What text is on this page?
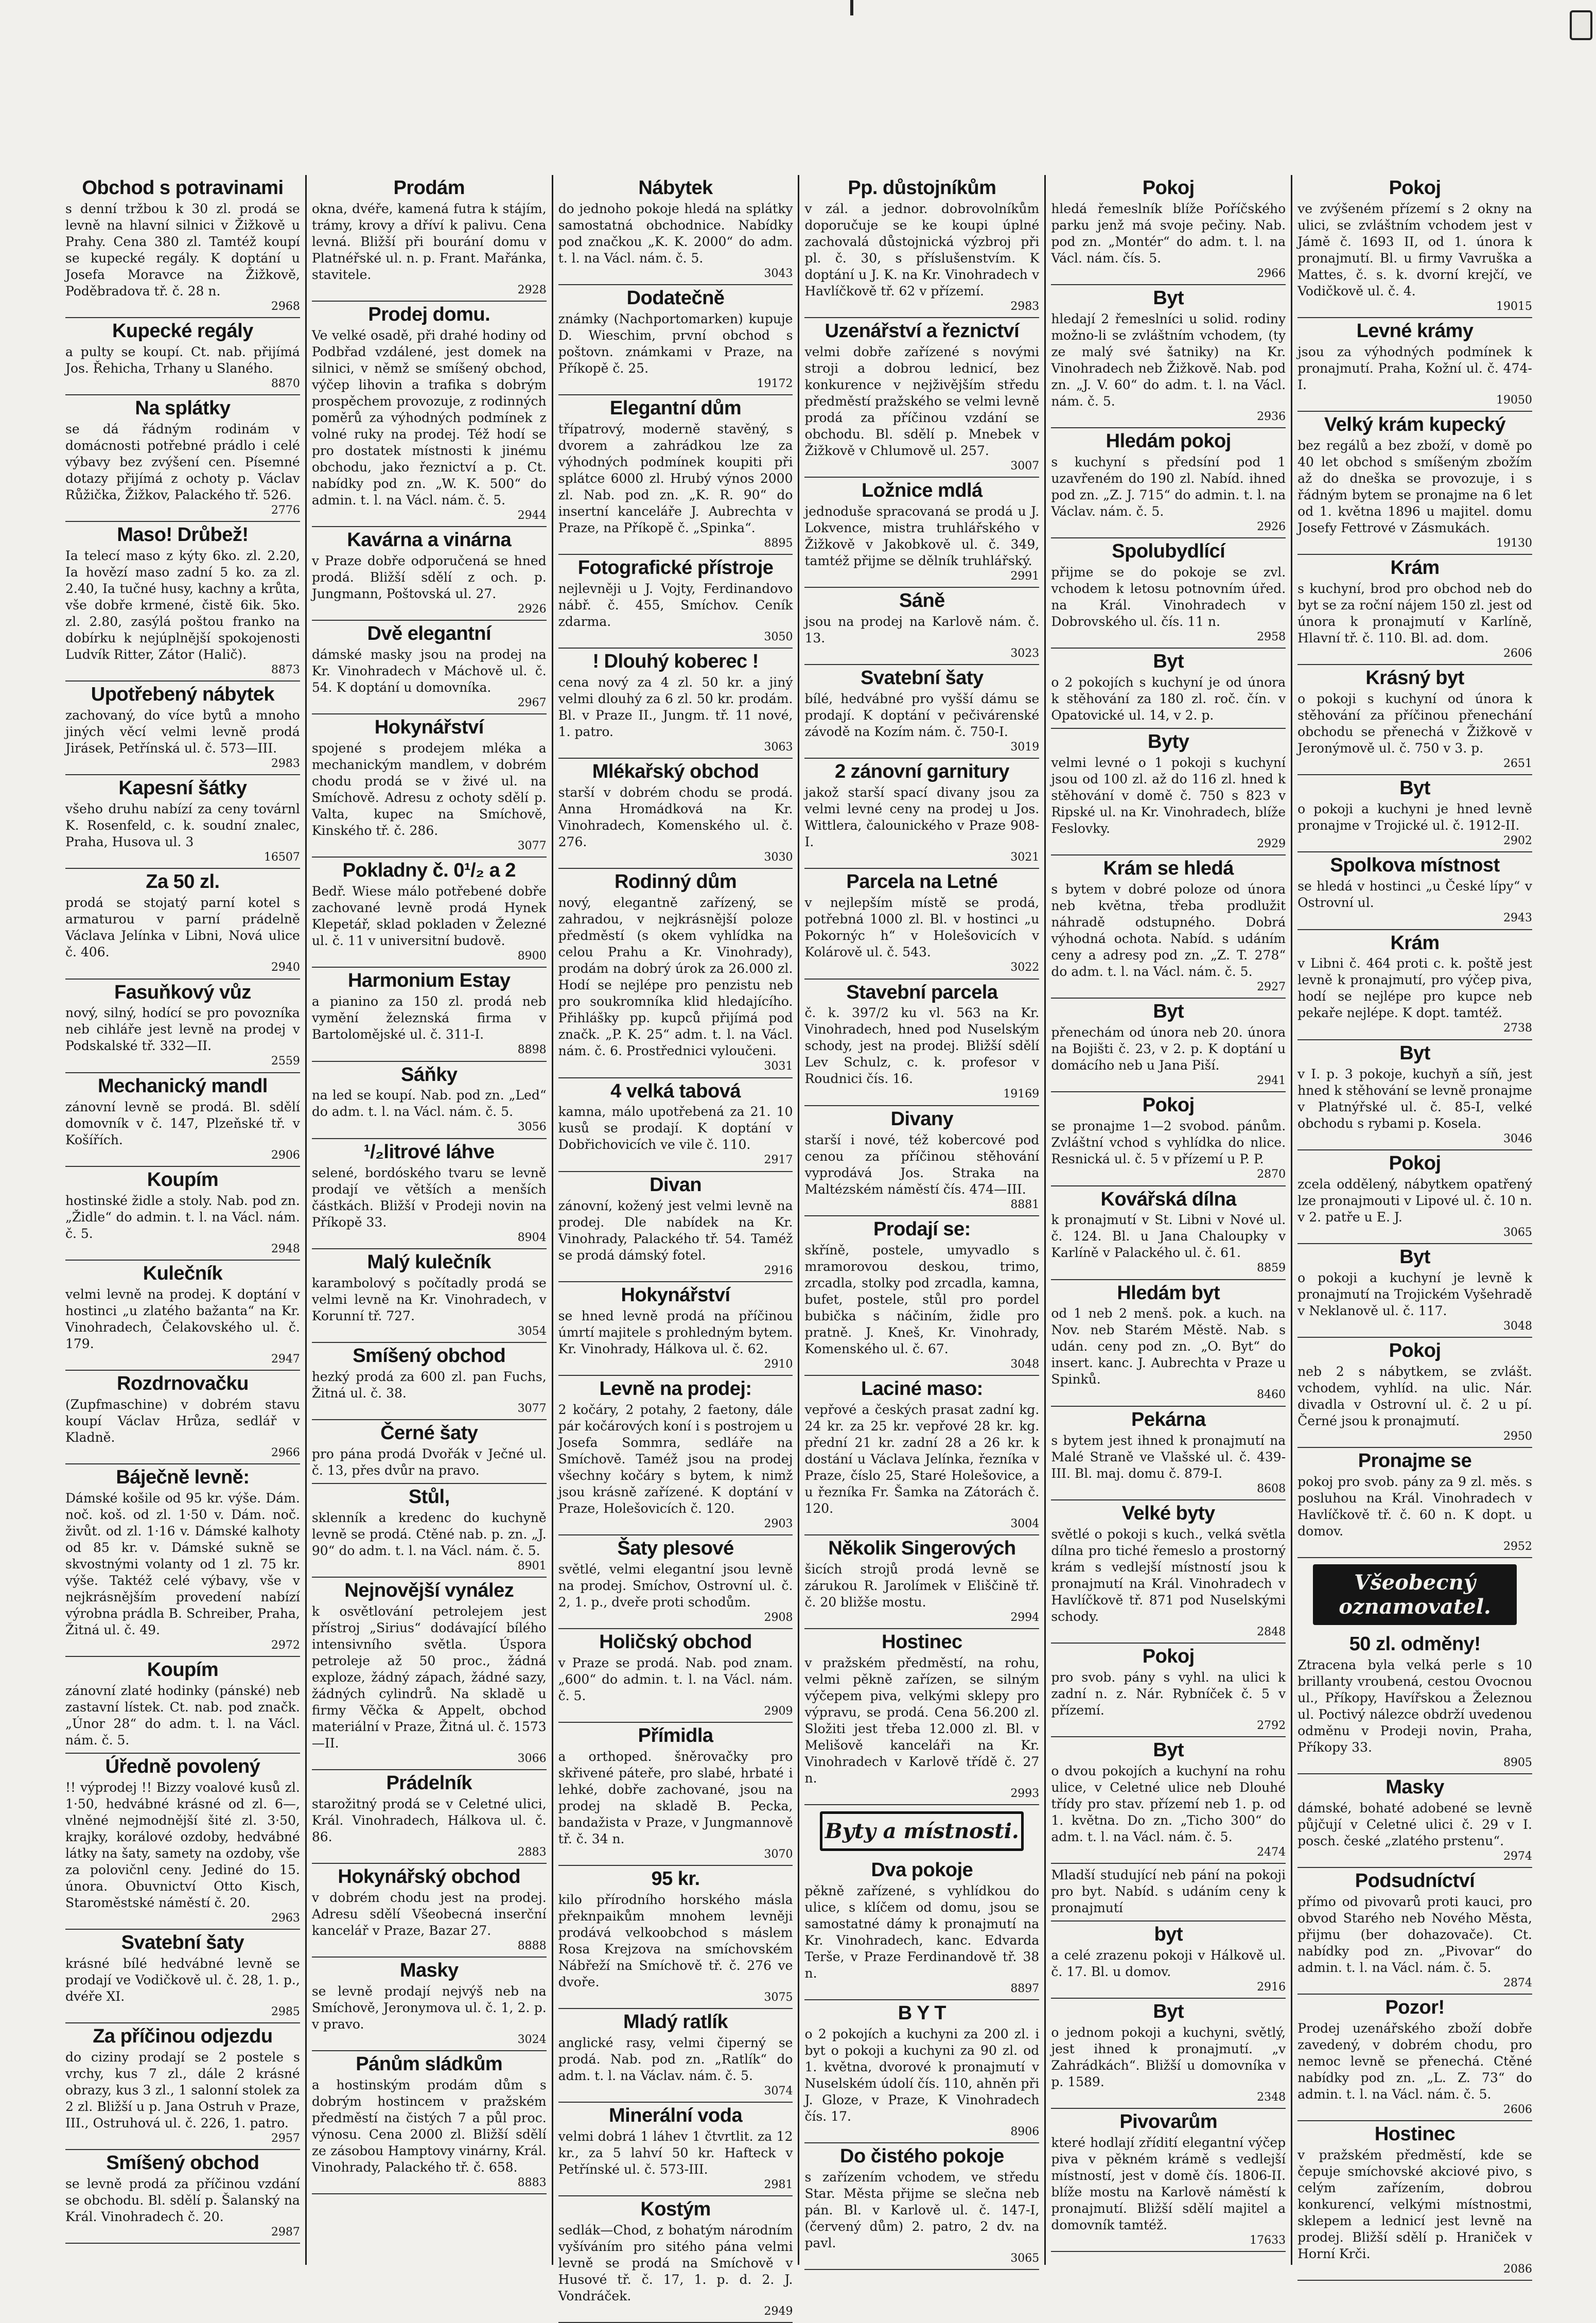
Obchod s potravinami

s denní tržbou k 30 zl. prodá se levně na hlavní silnici v Žižkově u Prahy. Cena 380 zl. Tamtéž koupí se kupecké regály. K doptání u Josefa Moravce na Žižkově, Poděbradova tř. č. 28 n.

2968
Kupecké regály

a pulty se koupí. Ct. nab. přijímá Jos. Řehicha, Trhany u Slaného.

8870
Na splátky

se dá řádným rodinám v domácnosti potřebné prádlo i celé výbavy bez zvýšení cen. Písemné dotazy přijímá z ochoty p. Václav Růžička, Žižkov, Palackého tř. 526.

2776
Maso! Drůbež!

Ia telecí maso z kýty 6ko. zl. 2.20, Ia hovězí maso zadní 5 ko. za zl. 2.40, Ia tučné husy, kachny a krůta, vše dobře krmené, čistě 6ik. 5ko. zl. 2.80, zasýlá poštou franko na dobírku k nejúplnější spokojenosti Ludvík Ritter, Zátor (Halič).

8873
Upotřebený nábytek

zachovaný, do více bytů a mnoho jiných věcí velmi levně prodá Jirásek, Petřínská ul. č. 573—III.

2983
Kapesní šátky

všeho druhu nabízí za ceny továrnl K. Rosenfeld, c. k. soudní znalec, Praha, Husova ul. 3

16507
Za 50 zl.

prodá se stojatý parní kotel s armaturou v parní prádelně Václava Jelínka v Libni, Nová ulice č. 406.

2940
Fasuňkový vůz

nový, silný, hodící se pro povozníka neb cihláře jest levně na prodej v Podskalské tř. 332—II.

2559
Mechanický mandl

zánovní levně se prodá. Bl. sdělí domovník v č. 147, Plzeňské tř. v Košířích.

2906
Koupím

hostinské židle a stoly. Nab. pod zn. „Židle“ do admin. t. l. na Václ. nám. č. 5.

2948
Kulečník

velmi levně na prodej. K doptání v hostinci „u zlatého bažanta“ na Kr. Vinohradech, Čelakovského ul. č. 179.

2947
Rozdrnovačku

(Zupfmaschine) v dobrém stavu koupí Václav Hrůza, sedlář v Kladně.

2966
Báječně levně:

Dámské košile od 95 kr. výše. Dám. noč. koš. od zl. 1·50 v. Dám. noč. živůt. od zl. 1·16 v. Dámské kalhoty od 85 kr. v. Dámské sukně se skvostnými volanty od 1 zl. 75 kr. výše. Taktéž celé výbavy, vše v nejkrásnějším provedení nabízí výrobna prádla B. Schreiber, Praha, Žitná ul. č. 49.

2972
Koupím

zánovní zlaté hodinky (pánské) neb zastavní lístek. Ct. nab. pod značk. „Únor 28“ do adm. t. l. na Václ. nám. č. 5.

Úředně povolený

!! výprodej !! Bizzy voalové kusů zl. 1·50, hedvábné krásné od zl. 6—, vlněné nejmodnější šité zl. 3·50, krajky, korálové ozdoby, hedvábné látky na šaty, samety na ozdoby, vše za polovičnl ceny. Jediné do 15. února. Obuvnictví Otto Kisch, Staroměstské náměstí č. 20.

2963
Svatební šaty

krásné bílé hedvábné levně se prodají ve Vodičkově ul. č. 28, 1. p., dvéře XI.

2985
Za příčinou odjezdu

do ciziny prodají se 2 postele s vrchy, kus 7 zl., dále 2 krásné obrazy, kus 3 zl., 1 salonní stolek za 2 zl. Bližší u p. Jana Ostruh v Praze, III., Ostruhová ul. č. 226, 1. patro.

2957
Smíšený obchod

se levně prodá za příčinou vzdání se obchodu. Bl. sdělí p. Šalanský na Král. Vinohradech č. 20.

2987
Prodám

okna, dvéře, kamená futra k stájím, trámy, krovy a dříví k palivu. Cena levná. Bližší při bourání domu v Platnéřské ul. n. p. Frant. Mařánka, stavitele.

2928
Prodej domu.

Ve velké osadě, při drahé hodiny od Podbřad vzdálené, jest domek na silnici, v němž se smíšený obchod, výčep lihovin a trafika s dobrým prospěchem provozuje, z rodinných poměrů za výhodných podmínek z volné ruky na prodej. Též hodí se pro dostatek místnosti k jinému obchodu, jako řeznictví a p. Ct. nabídky pod zn. „W. K. 500“ do admin. t. l. na Václ. nám. č. 5.

2944
Kavárna a vinárna

v Praze dobře odporučená se hned prodá. Bližší sdělí z och. p. Jungmann, Poštovská ul. 27.

2926
Dvě elegantní

dámské masky jsou na prodej na Kr. Vinohradech v Máchově ul. č. 54. K doptání u domovníka.

2967
Hokynářství

spojené s prodejem mléka a mechanickým mandlem, v dobrém chodu prodá se v živé ul. na Smíchově. Adresu z ochoty sdělí p. Valta, kupec na Smíchově, Kinského tř. č. 286.

3077
Pokladny č. 0¹/₂ a 2

Bedř. Wiese málo potřebené dobře zachované levně prodá Hynek Klepetář, sklad pokladen v Železné ul. č. 11 v universitní budově.

8900
Harmonium Estay

a pianino za 150 zl. prodá neb vymění železnská firma v Bartolomějské ul. č. 311-I.

8898
Sáňky

na led se koupí. Nab. pod zn. „Led“ do adm. t. l. na Václ. nám. č. 5.

3056
¹/₂litrové láhve

selené, bordóského tvaru se levně prodají ve větších a menších částkách. Bližší v Prodeji novin na Příkopě 33.

8904
Malý kulečník

karambolový s počítadly prodá se velmi levně na Kr. Vinohradech, v Korunní tř. 727.

3054
Smíšený obchod

hezký prodá za 600 zl. pan Fuchs, Žitná ul. č. 38.

3077
Černé šaty

pro pána prodá Dvořák v Ječné ul. č. 13, přes dvůr na pravo.

Stůl,

sklenník a kredenc do kuchyně levně se prodá. Ctěné nab. p. zn. „J. 90“ do adm. t. l. na Václ. nám. č. 5.

8901
Nejnovější vynález

k osvětlování petrolejem jest přístroj „Sirius“ dodávající bílého intensivního světla. Úspora petroleje až 50 proc., žádná exploze, žádný zápach, žádné sazy, žádných cylindrů. Na skladě u firmy Věčka & Appelt, obchod materiální v Praze, Žitná ul. č. 1573—II.

3066
Prádelník

starožitný prodá se v Celetné ulici, Král. Vinohradech, Hálkova ul. č. 86.

2883
Hokynářský obchod

v dobrém chodu jest na prodej. Adresu sdělí Všeobecná inserční kancelář v Praze, Bazar 27.

8888
Masky

se levně prodají nejvýš neb na Smíchově, Jeronymova ul. č. 1, 2. p. v pravo.

3024
Pánům sládkům

a hostinským prodám dům s dobrým hostincem v pražském předměstí na čistých 7 a půl proc. výnosu. Cena 2000 zl. Bližší sdělí ze zásobou Hamptovy vinárny, Král. Vinohrady, Palackého tř. č. 658.

8883
Nábytek

do jednoho pokoje hledá na splátky samostatná obchodnice. Nabídky pod značkou „K. K. 2000“ do adm. t. l. na Václ. nám. č. 5.

3043
Dodatečně

známky (Nachportomarken) kupuje D. Wieschim, první obchod s poštovn. známkami v Praze, na Příkopě č. 25.

19172
Elegantní dům

třípatrový, moderně stavěný, s dvorem a zahrádkou lze za výhodných podmínek koupiti při splátce 6000 zl. Hrubý výnos 2000 zl. Nab. pod zn. „K. R. 90“ do insertní kanceláře J. Aubrechta v Praze, na Příkopě č. „Spinka“.

8895
Fotografické přístroje

nejlevněji u J. Vojty, Ferdinandovo nábř. č. 455, Smíchov. Ceník zdarma.

3050
! Dlouhý koberec !

cena nový za 4 zl. 50 kr. a jiný velmi dlouhý za 6 zl. 50 kr. prodám. Bl. v Praze II., Jungm. tř. 11 nové, 1. patro.

3063
Mlékařský obchod

starší v dobrém chodu se prodá. Anna Hromádková na Kr. Vinohradech, Komenského ul. č. 276.

3030
Rodinný dům

nový, elegantně zařízený, se zahradou, v nejkrásnější poloze předměstí (s okem vyhlídka na celou Prahu a Kr. Vinohrady), prodám na dobrý úrok za 26.000 zl. Hodí se nejlépe pro penzistu neb pro soukromníka klid hledajícího. Přihlášky pp. kupců přijímá pod značk. „P. K. 25“ adm. t. l. na Václ. nám. č. 6. Prostřednici vyloučeni.

3031
4 velká tabová

kamna, málo upotřebená za 21. 10 kusů se prodají. K doptání v Dobřichovicích ve vile č. 110.

2917
Divan

zánovní, kožený jest velmi levně na prodej. Dle nabídek na Kr. Vinohrady, Palackého tř. 54. Taméž se prodá dámský fotel.

2916
Hokynářství

se hned levně prodá na příčinou úmrtí majitele s prohledným bytem. Kr. Vinohrady, Hálkova ul. č. 62.

2910
Levně na prodej:

2 kočáry, 2 potahy, 2 faetony, dále pár kočárových koní i s postrojem u Josefa Sommra, sedláře na Smíchově. Taméž jsou na prodej všechny kočáry s bytem, k nimž jsou krásně zařízené. K doptání v Praze, Holešovicích č. 120.

2903
Šaty plesové

světlé, velmi elegantní jsou levně na prodej. Smíchov, Ostrovní ul. č. 2, 1. p., dveře proti schodům.

2908
Holičský obchod

v Praze se prodá. Nab. pod znam. „600“ do admin. t. l. na Václ. nám. č. 5.

2909
Přímidla

a orthoped. šněrovačky pro skřivené páteře, pro slabé, hrbaté i lehké, dobře zachované, jsou na prodej na skladě B. Pecka, bandažista v Praze, v Jungmannově tř. č. 34 n.

3070
95 kr.

kilo přírodního horského másla překnpaikům mnohem levněji prodává velkoobchod s máslem Rosa Krejzova na smíchovském Nábřeží na Smíchově tř. č. 276 ve dvoře.

3075
Mladý ratlík

anglické rasy, velmi čiperný se prodá. Nab. pod zn. „Ratlík“ do adm. t. l. na Václav. nám. č. 5.

3074
Minerální voda

velmi dobrá 1 láhev 1 čtvrtlit. za 12 kr., za 5 lahví 50 kr. Hafteck v Petřínské ul. č. 573-III.

2981
Kostým

sedlák—Chod, z bohatým národním vyšíváním pro sitého pána velmi levně se prodá na Smíchově v Husové tř. č. 17, 1. p. d. 2. J. Vondráček.

2949
Pp. důstojníkům

v zál. a jednor. dobrovolníkům doporučuje se ke koupi úplné zachovalá důstojnická výzbroj při pl. č. 30, s příslušenstvím. K doptání u J. K. na Kr. Vinohradech v Havlíčkově tř. 62 v přízemí.

2983
Uzenářství a řeznictví

velmi dobře zařízené s novými stroji a dobrou lednicí, bez konkurence v nejživějším středu předměstí pražského se velmi levně prodá za příčinou vzdání se obchodu. Bl. sdělí p. Mnebek v Žižkově v Chlumově ul. 257.

3007
Ložnice mdlá

jednoduše spracovaná se prodá u J. Lokvence, mistra truhlářského v Žižkově v Jakobkově ul. č. 349, tamtéž přijme se dělník truhlářský.

2991
Sáně

jsou na prodej na Karlově nám. č. 13.

3023
Svatební šaty

bílé, hedvábné pro vyšší dámu se prodají. K doptání v pečivárenské závodě na Kozím nám. č. 750-I.

3019
2 zánovní garnitury

jakož starší spací divany jsou za velmi levné ceny na prodej u Jos. Wittlera, čalounického v Praze 908-I.

3021
Parcela na Letné

v nejlepším místě se prodá, potřebná 1000 zl. Bl. v hostinci „u Pokornýc h“ v Holešovicích v Kolárově ul. č. 543.

3022
Stavební parcela

č. k. 397/2 ku vl. 563 na Kr. Vinohradech, hned pod Nuselským schody, jest na prodej. Bližší sdělí Lev Schulz, c. k. profesor v Roudnici čís. 16.

19169
Divany

starší i nové, též kobercové pod cenou za příčinou stěhování vyprodává Jos. Straka na Maltézském náměstí čís. 474—III.

8881
Prodají se:

skříně, postele, umyvadlo s mramorovou deskou, trimo, zrcadla, stolky pod zrcadla, kamna, bufet, postele, stůl pro pordel bubička s náčiním, židle pro pratně. J. Kneš, Kr. Vinohrady, Komenského ul. č. 67.

3048
Laciné maso:

vepřové a českých prasat zadní kg. 24 kr. za 25 kr. vepřové 28 kr. kg. přední 21 kr. zadní 28 a 26 kr. k dostání u Václava Jelínka, řezníka v Praze, číslo 25, Staré Holešovice, a u řezníka Fr. Šamka na Zátorách č. 120.

3004
Několik Singerových

šicích strojů prodá levně se zárukou R. Jarolímek v Eliščině tř. č. 20 bližše mostu.

2994
Hostinec

v pražském předměstí, na rohu, velmi pěkně zařízen, se silným výčepem piva, velkými sklepy pro výpravu, se prodá. Cena 56.200 zl. Složiti jest třeba 12.000 zl. Bl. v Melišově kanceláři na Kr. Vinohradech v Karlově třídě č. 27 n.

2993
Byty a místnosti.
Dva pokoje

pěkně zařízené, s vyhlídkou do ulice, s klíčem od domu, jsou se samostatné dámy k pronajmutí na Kr. Vinohradech, kanc. Edvarda Terše, v Praze Ferdinandově tř. 38 n.

8897
B Y T

o 2 pokojích a kuchyni za 200 zl. i byt o pokoji a kuchyni za 90 zl. od 1. května, dvorové k pronajmutí v Nuselském údolí čís. 110, ahněn při J. Gloze, v Praze, K Vinohradech čís. 17.

8906
Do čistého pokoje

s zařízením vchodem, ve středu Star. Města přijme se slečna neb pán. Bl. v Karlově ul. č. 147-I, (červený dům) 2. patro, 2 dv. na pavl.

3065
Pokoj

hledá řemeslník blíže Poříčského parku jenž má svoje pečiny. Nab. pod zn. „Montér“ do adm. t. l. na Václ. nám. čís. 5.

2966
Byt

hledají 2 řemeslníci u solid. rodiny možno-li se zvláštním vchodem, (ty ze malý své šatniky) na Kr. Vinohradech neb Žižkově. Nab. pod zn. „J. V. 60“ do adm. t. l. na Václ. nám. č. 5.

2936
Hledám pokoj

s kuchyní s předsíní pod 1 uzavřeném do 190 zl. Nabíd. ihned pod zn. „Z. J. 715“ do admin. t. l. na Václav. nám. č. 5.

2926
Spolubydlící

přijme se do pokoje se zvl. vchodem k letosu potnovním úřed. na Král. Vinohradech v Dobrovského ul. čís. 11 n.

2958
Byt

o 2 pokojích s kuchyní je od února k stěhování za 180 zl. roč. čín. v Opatovické ul. 14, v 2. p.

Byty

velmi levné o 1 pokoji s kuchyní jsou od 100 zl. až do 116 zl. hned k stěhování v domě č. 750 s 823 v Ripské ul. na Kr. Vinohradech, blíže Feslovky.

2929
Krám se hledá

s bytem v dobré poloze od února neb května, třeba prodlužit náhradě odstupného. Dobrá výhodná ochota. Nabíd. s udáním ceny a adresy pod zn. „Z. T. 278“ do adm. t. l. na Václ. nám. č. 5.

2927
Byt

přenechám od února neb 20. února na Bojišti č. 23, v 2. p. K doptání u domácího neb u Jana Piší.

2941
Pokoj

se pronajme 1—2 svobod. pánům. Zvláštní vchod s vyhlídka do nlice. Resnická ul. č. 5 v přízemí u P. P.

2870
Kovářská dílna

k pronajmutí v St. Libni v Nové ul. č. 124. Bl. u Jana Chaloupky v Karlíně v Palackého ul. č. 61.

8859
Hledám byt

od 1 neb 2 menš. pok. a kuch. na Nov. neb Starém Městě. Nab. s udán. ceny pod zn. „O. Byt“ do insert. kanc. J. Aubrechta v Praze u Spinků.

8460
Pekárna

s bytem jest ihned k pronajmutí na Malé Straně ve Vlašské ul. č. 439-III. Bl. maj. domu č. 879-I.

8608
Velké byty

světlé o pokoji s kuch., velká světla dílna pro tiché řemeslo a prostorný krám s vedlejší místností jsou k pronajmutí na Král. Vinohradech v Havlíčkově tř. 871 pod Nuselskými schody.

2848
Pokoj

pro svob. pány s vyhl. na ulici k zadní n. z. Nár. Rybníček č. 5 v přízemí.

2792
Byt

o dvou pokojích a kuchyní na rohu ulice, v Celetné ulice neb Dlouhé třídy pro stav. přízemí neb 1. p. od 1. května. Do zn. „Ticho 300“ do adm. t. l. na Václ. nám. č. 5.

2474

Mladší studující neb pání na pokoji pro byt. Nabíd. s udáním ceny k pronajmutí

byt

a celé zrazenu pokoji v Hálkově ul. č. 17. Bl. u domov.

2916
Byt

o jednom pokoji a kuchyni, světlý, jest ihned k pronajmutí. „v Zahrádkách“. Bližší u domovníka v p. 1589.

2348
Pivovarům

které hodlají zřídití elegantní výčep piva v pěkném krámě s vedlejší místností, jest v domě čís. 1806-II. blíže mostu na Karlově náměstí k pronajmutí. Bližší sdělí majitel a domovník tamtéž.

17633
Pokoj

ve zvýšeném přízemí s 2 okny na ulici, se zvláštním vchodem jest v Jámě č. 1693 II, od 1. února k pronajmutí. Bl. u firmy Vavruška a Mattes, č. s. k. dvorní krejčí, ve Vodičkově ul. č. 4.

19015
Levné krámy

jsou za výhodných podmínek k pronajmutí. Praha, Kožní ul. č. 474-I.

19050
Velký krám kupecký

bez regálů a bez zboží, v domě po 40 let obchod s smíšeným zbožím až do dneška se provozuje, i s řádným bytem se pronajme na 6 let od 1. května 1896 u majitel. domu Josefy Fettrové v Zásmukách.

19130
Krám

s kuchyní, brod pro obchod neb do byt se za roční nájem 150 zl. jest od února k pronajmutí v Karlíně, Hlavní tř. č. 110. Bl. ad. dom.

2606
Krásný byt

o pokoji s kuchyní od února k stěhování za příčinou přenechání obchodu se přenechá v Žižkově v Jeronýmově ul. č. 750 v 3. p.

2651
Byt

o pokoji a kuchyni je hned levně pronajme v Trojické ul. č. 1912-II.

2902
Spolkova místnost

se hledá v hostinci „u České lípy“ v Ostrovní ul.

2943
Krám

v Libni č. 464 proti c. k. poště jest levně k pronajmutí, pro výčep piva, hodí se nejlépe pro kupce neb pekaře nejlépe. K dopt. tamtéž.

2738
Byt

v I. p. 3 pokoje, kuchyň a síň, jest hned k stěhování se levně pronajme v Platnýřské ul. č. 85-I, velké obchodu s rybami p. Kosela.

3046
Pokoj

zcela oddělený, nábytkem opatřený lze pronajmouti v Lipové ul. č. 10 n. v 2. patře u E. J.

3065
Byt

o pokoji a kuchyní je levně k pronajmutí na Trojickém Vyšehradě v Neklanově ul. č. 117.

3048
Pokoj

neb 2 s nábytkem, se zvlášt. vchodem, vyhlíd. na ulic. Nár. divadla v Ostrovní ul. č. 2 u pí. Černé jsou k pronajmutí.

2950
Pronajme se

pokoj pro svob. pány za 9 zl. měs. s posluhou na Král. Vinohradech v Havlíčkově tř. č. 60 n. K dopt. u domov.

2952
Všeobecný oznamovatel.
50 zl. odměny!

Ztracena byla velká perle s 10 brillanty vroubená, cestou Ovocnou ul., Příkopy, Havířskou a Železnou ul. Poctivý nálezce obdrží uvedenou odměnu v Prodeji novin, Praha, Příkopy 33.

8905
Masky

dámské, bohaté adobené se levně půjčují v Celetné ulici č. 29 v I. posch. české „zlatého prstenu“.

2974
Podsudníctví

přímo od pivovarů proti kauci, pro obvod Starého neb Nového Města, přijmu (ber dohazovače). Ct. nabídky pod zn. „Pivovar“ do admin. t. l. na Václ. nám. č. 5.

2874
Pozor!

Prodej uzenářského zboží dobře zavedený, v dobrém chodu, pro nemoc levně se přenechá. Ctěné nabídky pod zn. „L. Z. 73“ do admin. t. l. na Václ. nám. č. 5.

2606
Hostinec

v pražském předměstí, kde se čepuje smíchovské akciové pivo, s celým zařízením, dobrou konkurencí, velkými místnostmi, sklepem a lednicí jest levně na prodej. Bližší sdělí p. Hraniček v Horní Krči.

2086
